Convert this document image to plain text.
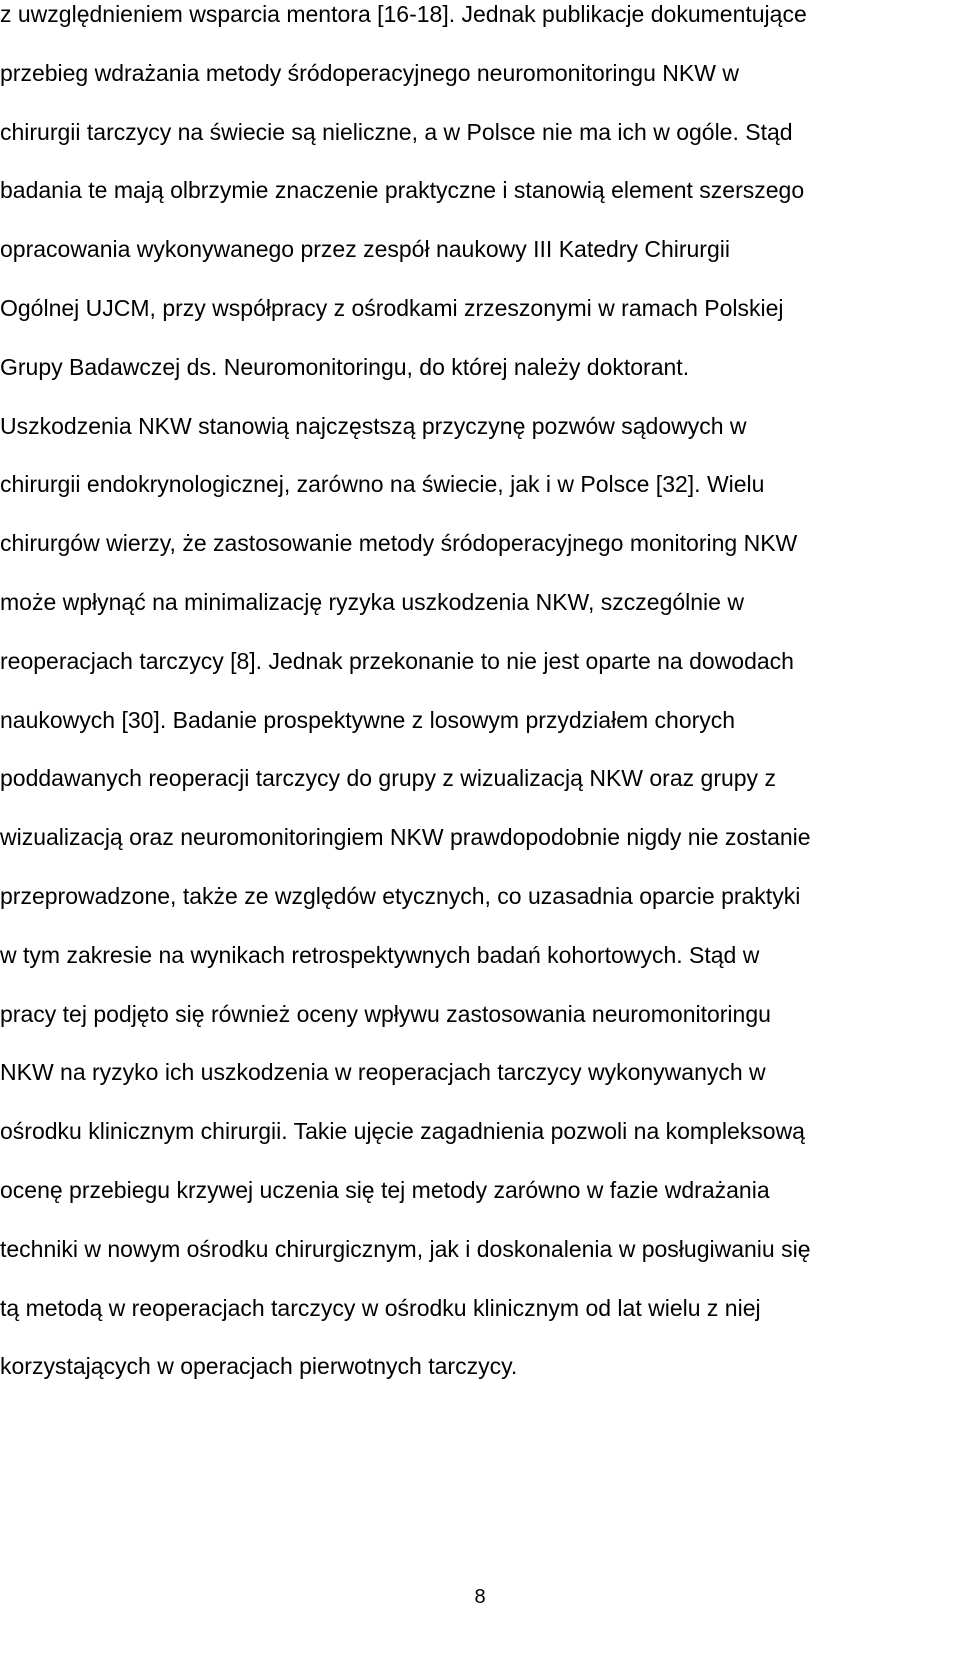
z uwzględnieniem wsparcia mentora [16-18]. Jednak publikacje dokumentujące
przebieg wdrażania metody śródoperacyjnego neuromonitoringu NKW w
chirurgii tarczycy na świecie są nieliczne, a w Polsce nie ma ich w ogóle. Stąd
badania te mają olbrzymie znaczenie praktyczne i stanowią element szerszego
opracowania wykonywanego przez zespół naukowy III Katedry Chirurgii
Ogólnej UJCM, przy współpracy z ośrodkami zrzeszonymi w ramach Polskiej
Grupy Badawczej ds. Neuromonitoringu, do której należy doktorant.
Uszkodzenia NKW stanowią najczęstszą przyczynę pozwów sądowych w
chirurgii endokrynologicznej, zarówno na świecie, jak i w Polsce [32]. Wielu
chirurgów wierzy, że zastosowanie metody śródoperacyjnego monitoring NKW
może wpłynąć na minimalizację ryzyka uszkodzenia NKW, szczególnie w
reoperacjach tarczycy [8]. Jednak przekonanie to nie jest oparte na dowodach
naukowych [30]. Badanie prospektywne z losowym przydziałem chorych
poddawanych reoperacji tarczycy do grupy z wizualizacją NKW oraz grupy z
wizualizacją oraz neuromonitoringiem NKW prawdopodobnie nigdy nie zostanie
przeprowadzone, także ze względów etycznych, co uzasadnia oparcie praktyki
w tym zakresie na wynikach retrospektywnych badań kohortowych. Stąd w
pracy tej podjęto się również oceny wpływu zastosowania neuromonitoringu
NKW na ryzyko ich uszkodzenia w reoperacjach tarczycy wykonywanych w
ośrodku klinicznym chirurgii. Takie ujęcie zagadnienia pozwoli na kompleksową
ocenę przebiegu krzywej uczenia się tej metody zarówno w fazie wdrażania
techniki w nowym ośrodku chirurgicznym, jak i doskonalenia w posługiwaniu się
tą metodą w reoperacjach tarczycy w ośrodku klinicznym od lat wielu z niej
korzystających w operacjach pierwotnych tarczycy.
8
